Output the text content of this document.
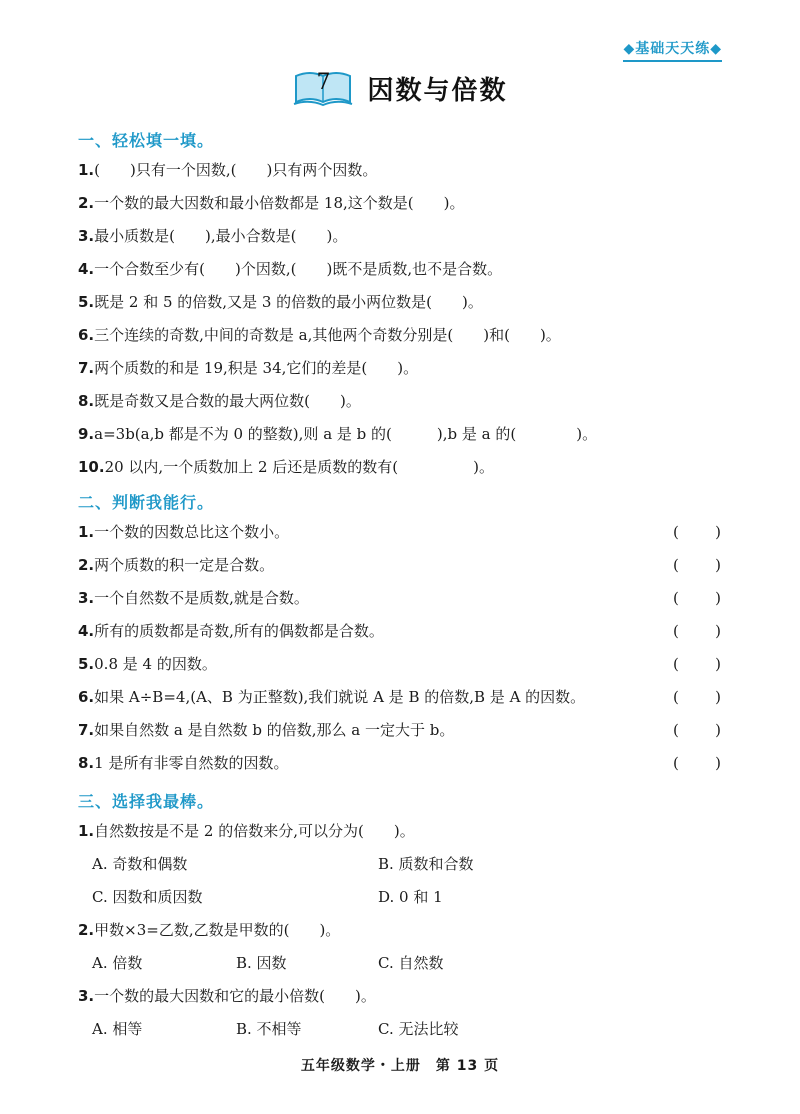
◆基础天天练◆
7	因数与倍数
一、轻松填一填。
1.(　　)只有一个因数,(　　)只有两个因数。
2.一个数的最大因数和最小倍数都是 18,这个数是(　　)。
3.最小质数是(　　),最小合数是(　　)。
4.一个合数至少有(　　)个因数,(　　)既不是质数,也不是合数。
5.既是 2 和 5 的倍数,又是 3 的倍数的最小两位数是(　　)。
6.三个连续的奇数,中间的奇数是 a,其他两个奇数分别是(　　)和(　　)。
7.两个质数的和是 19,积是 34,它们的差是(　　)。
8.既是奇数又是合数的最大两位数(　　)。
9.a=3b(a,b 都是不为 0 的整数),则 a 是 b 的(　　　),b 是 a 的(　　　　)。
10.20 以内,一个质数加上 2 后还是质数的数有(　　　　　)。
二、判断我能行。
1.一个数的因数总比这个数小。	( )
2.两个质数的积一定是合数。	( )
3.一个自然数不是质数,就是合数。	( )
4.所有的质数都是奇数,所有的偶数都是合数。	( )
5.0.8 是 4 的因数。	( )
6.如果 A÷B=4,(A、B 为正整数),我们就说 A 是 B 的倍数,B 是 A 的因数。	( )
7.如果自然数 a 是自然数 b 的倍数,那么 a 一定大于 b。	( )
8.1 是所有非零自然数的因数。	( )
三、选择我最棒。
1.自然数按是不是 2 的倍数来分,可以分为(　　)。
A. 奇数和偶数	B. 质数和合数
C. 因数和质因数	D. 0 和 1
2.甲数×3=乙数,乙数是甲数的(　　)。
A. 倍数	B. 因数	C. 自然数
3.一个数的最大因数和它的最小倍数(　　)。
A. 相等	B. 不相等	C. 无法比较
五年级数学・上册　第 13 页
